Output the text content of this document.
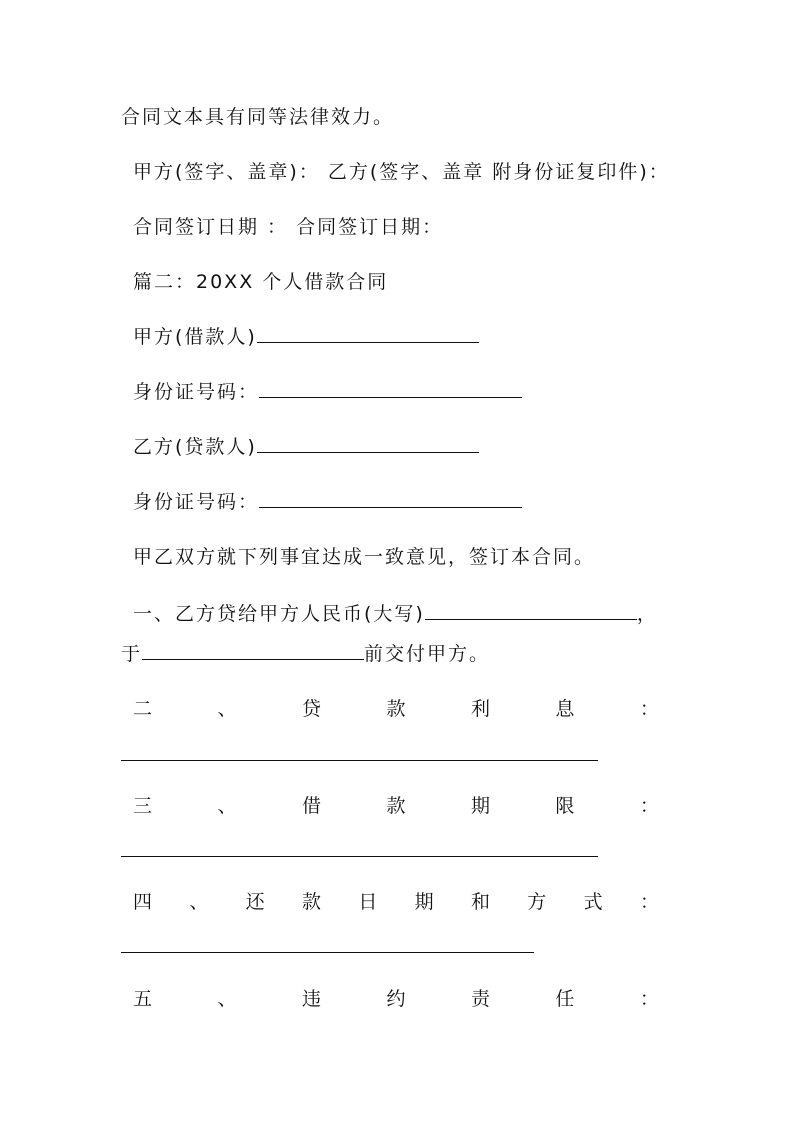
合同文本具有同等法律效力。
甲方(签字、盖章)： 乙方(签字、盖章 附身份证复印件)：
合同签订日期 ： 合同签订日期：
篇二：20XX 个人借款合同
甲方(借款人)
身份证号码：
乙方(贷款人)
身份证号码：
甲乙双方就下列事宜达成一致意见，签订本合同。
一、乙方贷给甲方人民币(大写)	，
于	前交付甲方。
二	、	贷	款	利	息	：
三	、	借	款	期	限	：
四 、 还 款 日 期 和 方 式 ：
五	、	违	约	责	任	：
